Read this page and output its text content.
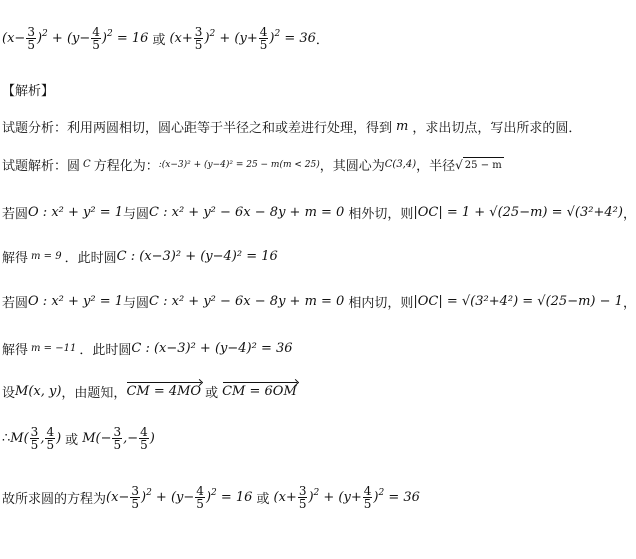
$(x- \frac{3}{5} )^2 + (y- \frac{4}{5} )^2 = 16$ 或 $(x+ \frac{3}{5} )^2 + (y+ \frac{4}{5} )^2 = 36$ ．
【解析】
试题分析： 利用两圆相切，圆心距等于半径之和或差进行处理，得到 m ，求出切点，写出所求的圆．
试题解析： 圆 C 方程化为： :(x−3)² + (y−4)² = 25 − m(m < 25) ，其圆心为 C(3,4) ，半径 √ 25 − m
若圆 O : x² + y² = 1 与圆 C : x² + y² − 6x − 8y + m = 0 相外切，则 |OC| = 1 + √(25−m) = √(3²+4²) ，
解得 m = 9 ．此时圆 C : (x−3)² + (y−4)² = 16
若圆 O : x² + y² = 1 与圆 C : x² + y² − 6x − 8y + m = 0 相内切，则 |OC| = √(3²+4²) = √(25−m) − 1 ，
解得 m = −11 ．此时圆 C : (x−3)² + (y−4)² = 36
设 M(x, y) ，由题知， CM = 4MO 或 CM = 6OM
∴ $M( \frac{3}{5}$ , $\frac{4}{5}$ ) 或 $M(- \frac{3}{5}$ ,− $\frac{4}{5}$ )
故所求圆的方程为 $(x- \frac{3}{5} )^2 + (y- \frac{4}{5} )^2 = 16$ 或 $(x+ \frac{3}{5} )^2 + (y+ \frac{4}{5} )^2 = 36$
